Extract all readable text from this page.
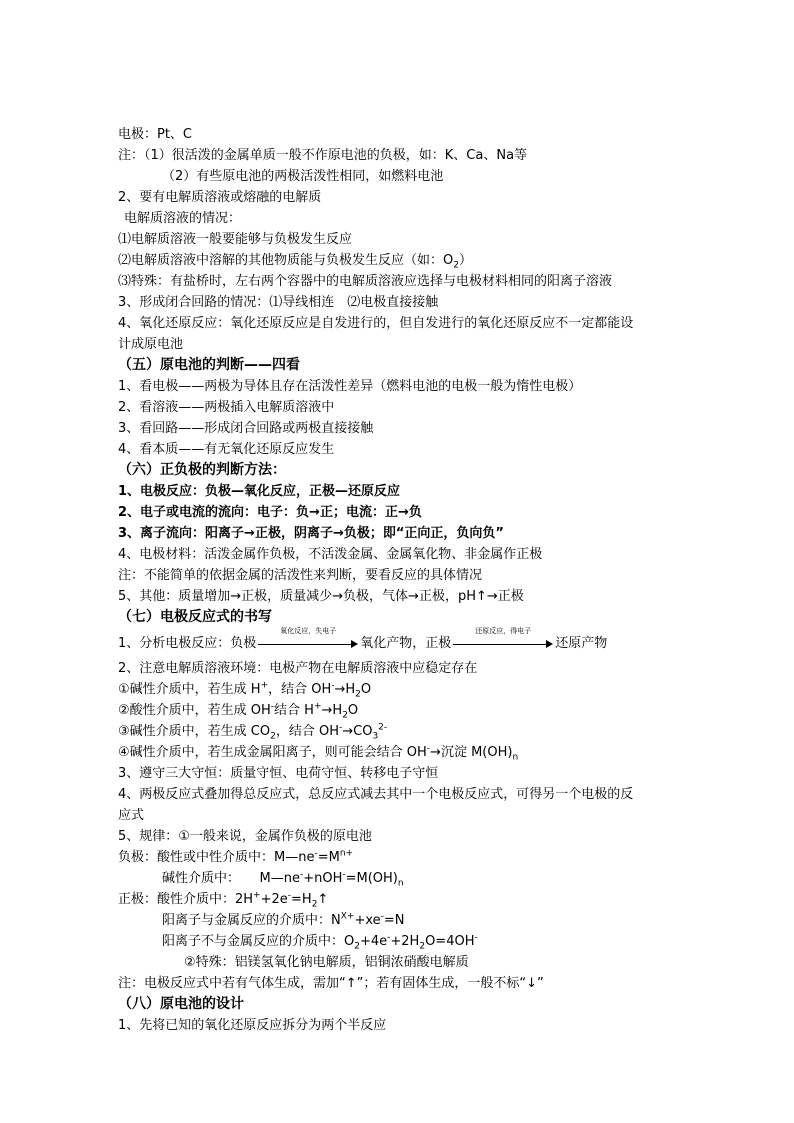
电极：Pt、C
注：（1）很活泼的金属单质一般不作原电池的负极，如：K、Ca、Na等
（2）有些原电池的两极活泼性相同，如燃料电池
2、要有电解质溶液或熔融的电解质
电解质溶液的情况：
⑴电解质溶液一般要能够与负极发生反应
⑵电解质溶液中溶解的其他物质能与负极发生反应（如：$O_2$）
⑶特殊：有盐桥时，左右两个容器中的电解质溶液应选择与电极材料相同的阳离子溶液
3、形成闭合回路的情况：⑴导线相连　⑵电极直接接触
4、氧化还原反应：氧化还原反应是自发进行的，但自发进行的氧化还原反应不一定都能设
计成原电池
（五）原电池的判断——四看
1、看电极——两极为导体且存在活泼性差异（燃料电池的电极一般为惰性电极）
2、看溶液——两极插入电解质溶液中
3、看回路——形成闭合回路或两极直接接触
4、看本质——有无氧化还原反应发生
（六）正负极的判断方法：
1、电极反应：负极—氧化反应，正极—还原反应
2、电子或电流的流向：电子：负→正；电流：正→负
3、离子流向：阳离子→正极，阴离子→负极；即“正向正，负向负”
4、电极材料：活泼金属作负极，不活泼金属、金属氧化物、非金属作正极
注：不能简单的依据金属的活泼性来判断，要看反应的具体情况
5、其他：质量增加→正极，质量减少→负极，气体→正极，pH↑→正极
（七）电极反应式的书写
1、分析电极反应：负极
氧化反应，失电子
氧化产物，正极
还原反应，得电子
还原产物
2、注意电解质溶液环境：电极产物在电解质溶液中应稳定存在
①碱性介质中，若生成 H+，结合 $OH^-\to H_2O$
②酸性介质中，若生成 OH-结合 $H^+\to H_2O$
③碱性介质中，若生成 $CO_2$，结合 $OH^-\to CO_3^{2-}$
④碱性介质中，若生成金属阳离子，则可能会结合 OH-→沉淀 $M(OH)_n$
3、遵守三大守恒：质量守恒、电荷守恒、转移电子守恒
4、两极反应式叠加得总反应式，总反应式减去其中一个电极反应式，可得另一个电极的反
应式
5、规律：①一般来说，金属作负极的原电池
负极：酸性或中性介质中：$M—ne^-=M^{n+}$
碱性介质中：　　$M—ne^-+nOH^-=M(OH)_n$
正极：酸性介质中：$2H^++2e^-=H_2↑$
阳离子与金属反应的介质中：$N^{X+}+xe^-=N$
阳离子不与金属反应的介质中：$O_2+4e^-+2H_2O=4OH^-$
②特殊：铝镁氢氧化钠电解质，铝铜浓硝酸电解质
注：电极反应式中若有气体生成，需加“↑”；若有固体生成，一般不标“↓”
（八）原电池的设计
1、先将已知的氧化还原反应拆分为两个半反应
